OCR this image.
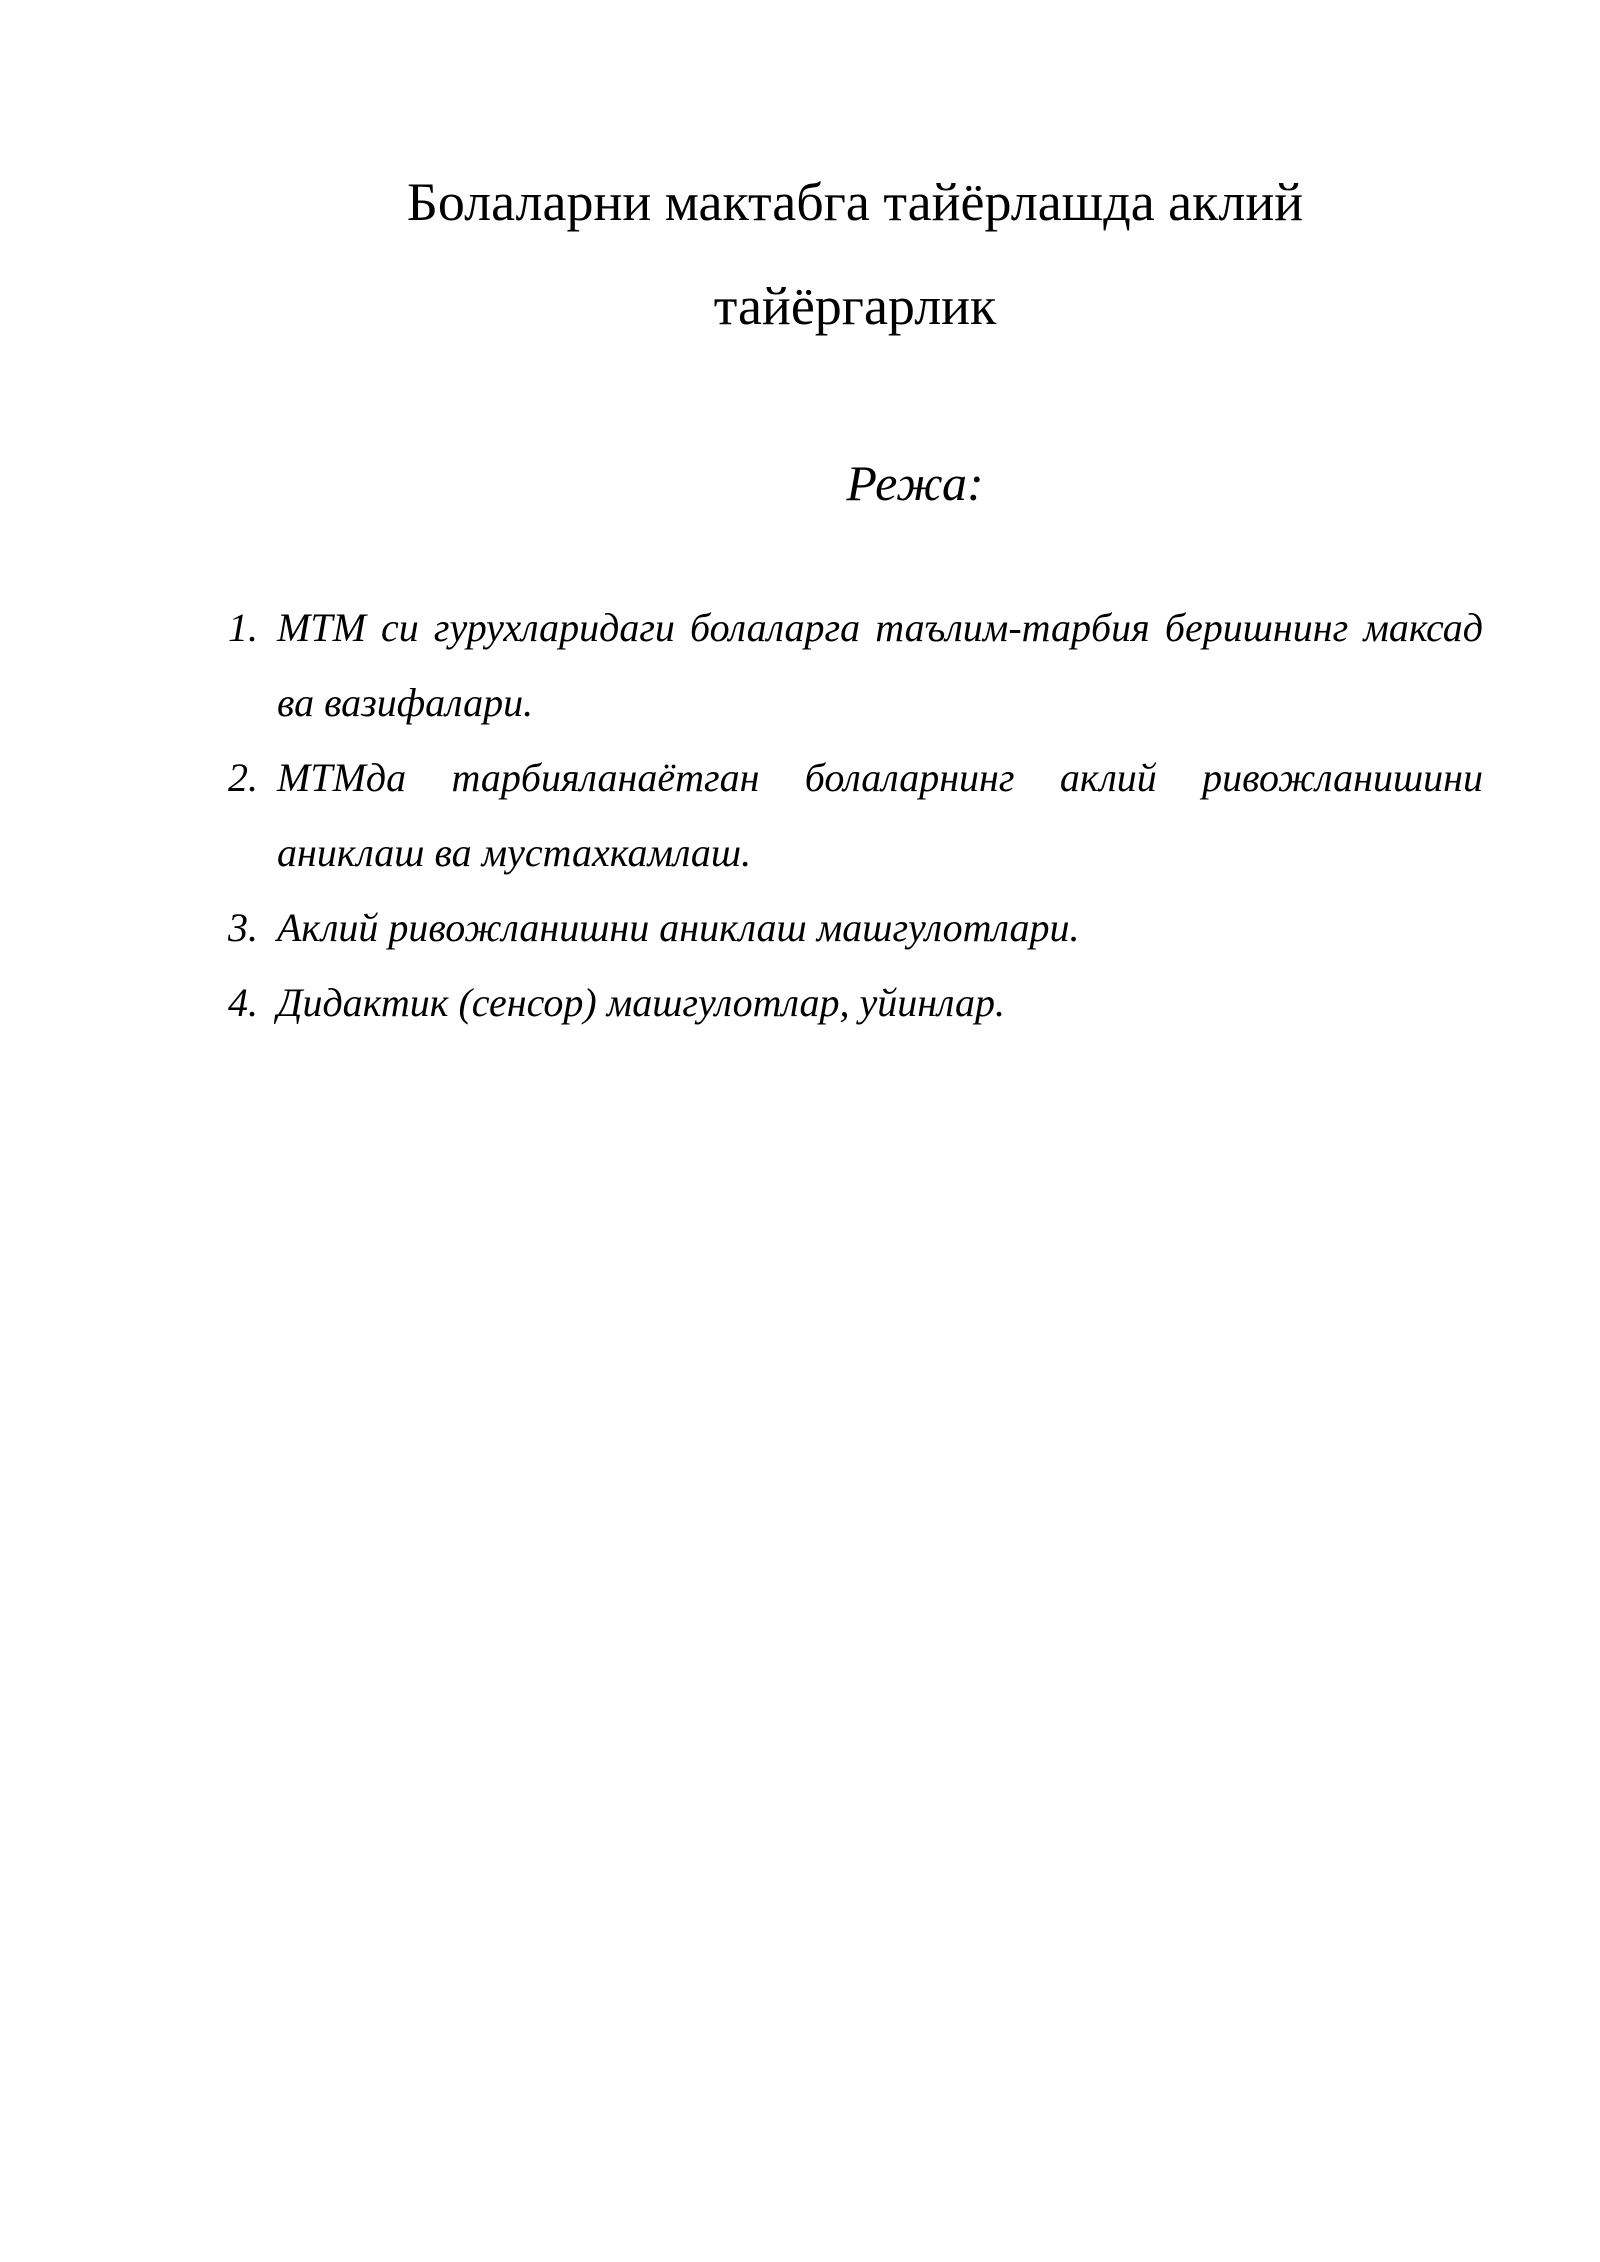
Болаларни мактабга тайёрлашда аклий
тайёргарлик
Режа:
1. МТМ си гурухларидаги болаларга таълим-тарбия беришнинг максад ва вазифалари.
2. МТМда тарбияланаётган болаларнинг аклий ривожланишини аниклаш ва мустахкамлаш.
3. Аклий ривожланишни аниклаш машгулотлари.
4. Дидактик (сенсор) машгулотлар, уйинлар.
